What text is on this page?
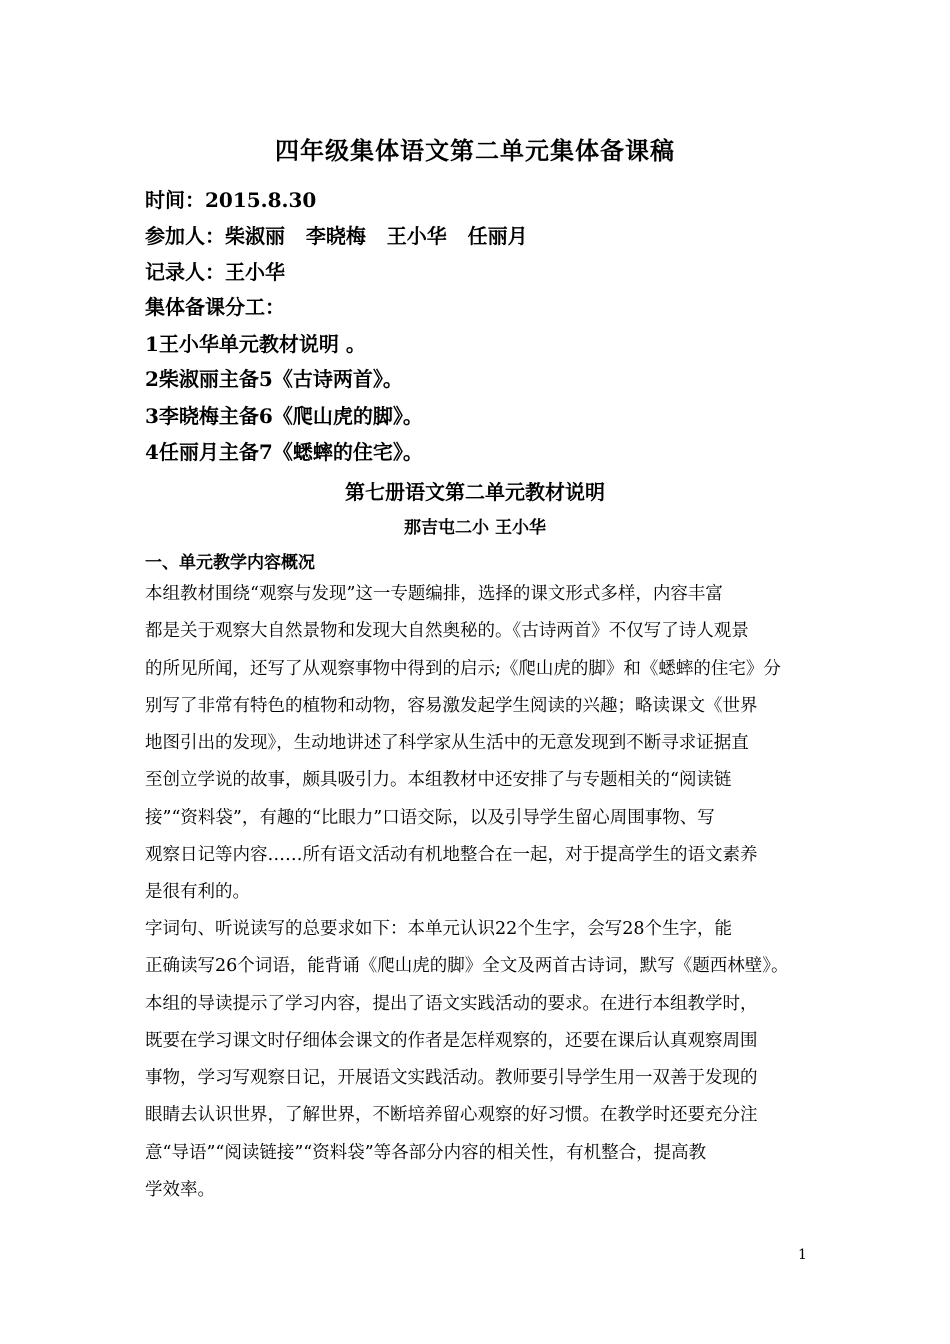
四年级集体语文第二单元集体备课稿
时间：2015.8.30
参加人：柴淑丽   李晓梅   王小华   任丽月
记录人：王小华
集体备课分工：
1王小华单元教材说明 。
2柴淑丽主备5《古诗两首》。
3李晓梅主备6《爬山虎的脚》。
4任丽月主备7《蟋蟀的住宅》。
第七册语文第二单元教材说明
那吉屯二小 王小华
一、单元教学内容概况

本组教材围绕“观察与发现”这一专题编排，选择的课文形式多样，内容丰富

都是关于观察大自然景物和发现大自然奥秘的。《古诗两首》不仅写了诗人观景

的所见所闻，还写了从观察事物中得到的启示;《爬山虎的脚》和《蟋蟀的住宅》分

别写了非常有特色的植物和动物，容易激发起学生阅读的兴趣；略读课文《世界

地图引出的发现》，生动地讲述了科学家从生活中的无意发现到不断寻求证据直

至创立学说的故事，颇具吸引力。本组教材中还安排了与专题相关的“阅读链

接”“资料袋”，有趣的“比眼力”口语交际，以及引导学生留心周围事物、写

观察日记等内容……所有语文活动有机地整合在一起，对于提高学生的语文素养

是很有利的。

字词句、听说读写的总要求如下：本单元认识22个生字，会写28个生字，能

正确读写26个词语，能背诵《爬山虎的脚》全文及两首古诗词，默写《题西林壁》。

本组的导读提示了学习内容，提出了语文实践活动的要求。在进行本组教学时，

既要在学习课文时仔细体会课文的作者是怎样观察的，还要在课后认真观察周围

事物，学习写观察日记，开展语文实践活动。教师要引导学生用一双善于发现的

眼睛去认识世界，了解世界，不断培养留心观察的好习惯。在教学时还要充分注

意“导语”“阅读链接”“资料袋”等各部分内容的相关性，有机整合，提高教

学效率。

1
